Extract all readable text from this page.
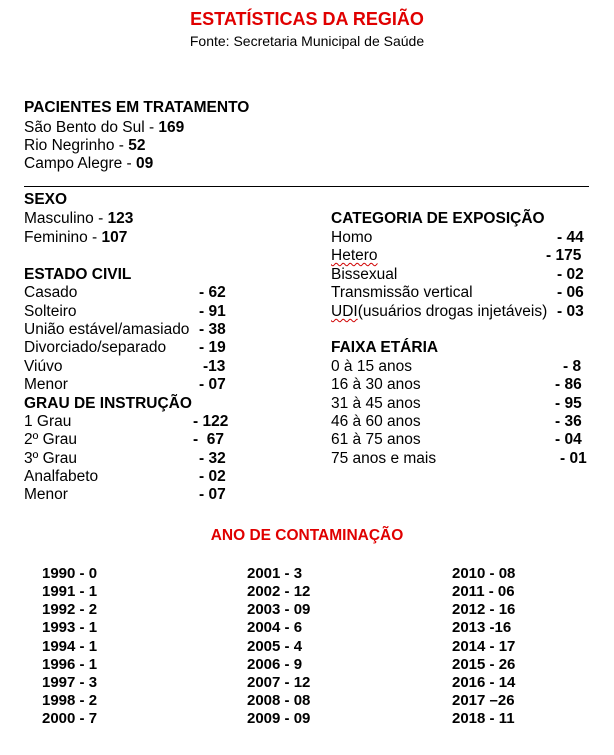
ESTATÍSTICAS DA REGIÃO
Fonte: Secretaria Municipal de Saúde
PACIENTES EM TRATAMENTO
São Bento do Sul - 169
Rio Negrinho - 52
Campo Alegre - 09
SEXO
Masculino - 123
Feminino - 107
ESTADO CIVIL
Casado
Solteiro
União estável/amasiado
Divorciado/separado
Viúvo
Menor
- 62
- 91
- 38
- 19
-13
- 07
GRAU DE INSTRUÇÃO
1 Grau
2º Grau
3º Grau
Analfabeto
Menor
- 122
-  67
- 32
- 02
- 07
CATEGORIA DE EXPOSIÇÃO
Homo
Hetero
Bissexual
Transmissão vertical
UDI(usuários drogas injetáveis)
- 44
- 175
- 02
- 06
- 03
FAIXA ETÁRIA
0 à 15 anos
16 à 30 anos
31 à 45 anos
46 à 60 anos
61 à 75 anos
75 anos e mais
- 8
- 86
- 95
- 36
- 04
- 01
ANO DE CONTAMINAÇÃO
1990 - 0
1991 - 1
1992 - 2
1993 - 1
1994 - 1
1996 - 1
1997 - 3
1998 - 2
2000 - 7
2001 - 3
2002 - 12
2003 - 09
2004 - 6
2005 - 4
2006 - 9
2007 - 12
2008 - 08
2009 - 09
2010 - 08
2011 - 06
2012 - 16
2013 -16
2014 - 17
2015 - 26
2016 - 14
2017 –26
2018 - 11
